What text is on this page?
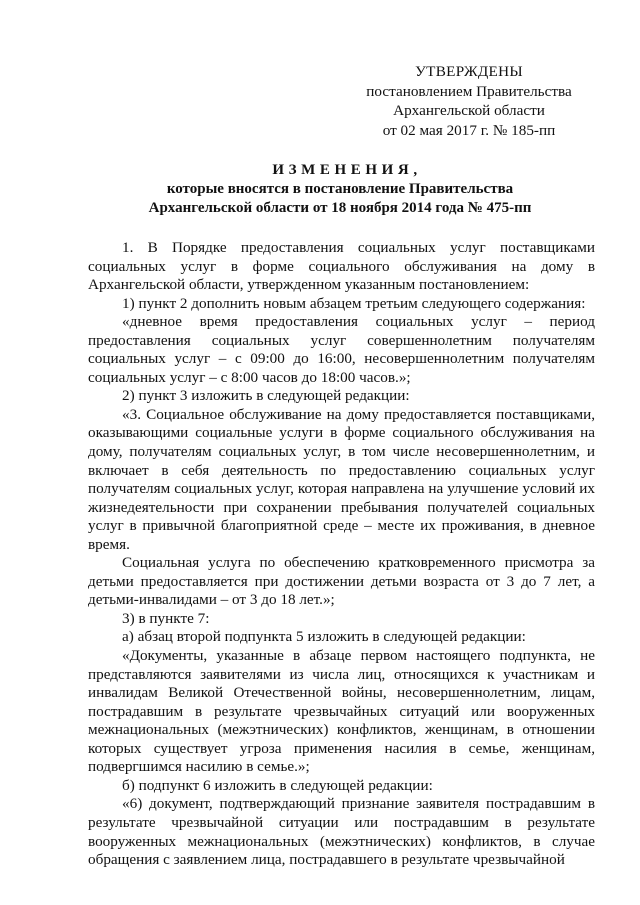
УТВЕРЖДЕНЫ
постановлением Правительства
Архангельской области
от 02 мая 2017 г. № 185-пп
ИЗМЕНЕНИЯ,
которые вносятся в постановление Правительства
Архангельской области от 18 ноября 2014 года № 475-пп

1. В Порядке предоставления социальных услуг поставщиками социальных услуг в форме социального обслуживания на дому в Архангельской области, утвержденном указанным постановлением:

1) пункт 2 дополнить новым абзацем третьим следующего содержания:

«дневное время предоставления социальных услуг – период предоставления социальных услуг совершеннолетним получателям социальных услуг – с 09:00 до 16:00, несовершеннолетним получателям социальных услуг – с 8:00 часов до 18:00 часов.»;

2) пункт 3 изложить в следующей редакции:

«3. Социальное обслуживание на дому предоставляется поставщиками, оказывающими социальные услуги в форме социального обслуживания на дому, получателям социальных услуг, в том числе несовершеннолетним, и включает в себя деятельность по предоставлению социальных услуг получателям социальных услуг, которая направлена на улучшение условий их жизнедеятельности при сохранении пребывания получателей социальных услуг в привычной благоприятной среде – месте их проживания, в дневное время.

Социальная услуга по обеспечению кратковременного присмотра за детьми предоставляется при достижении детьми возраста от 3 до 7 лет, а детьми-инвалидами – от 3 до 18 лет.»;

3) в пункте 7:

а) абзац второй подпункта 5 изложить в следующей редакции:

«Документы, указанные в абзаце первом настоящего подпункта, не представляются заявителями из числа лиц, относящихся к участникам и инвалидам Великой Отечественной войны, несовершеннолетним, лицам, пострадавшим в результате чрезвычайных ситуаций или вооруженных межнациональных (межэтнических) конфликтов, женщинам, в отношении которых существует угроза применения насилия в семье, женщинам, подвергшимся насилию в семье.»;

б) подпункт 6 изложить в следующей редакции:

«6) документ, подтверждающий признание заявителя пострадавшим в результате чрезвычайной ситуации или пострадавшим в результате вооруженных межнациональных (межэтнических) конфликтов, в случае обращения с заявлением лица, пострадавшего в результате чрезвычайной
